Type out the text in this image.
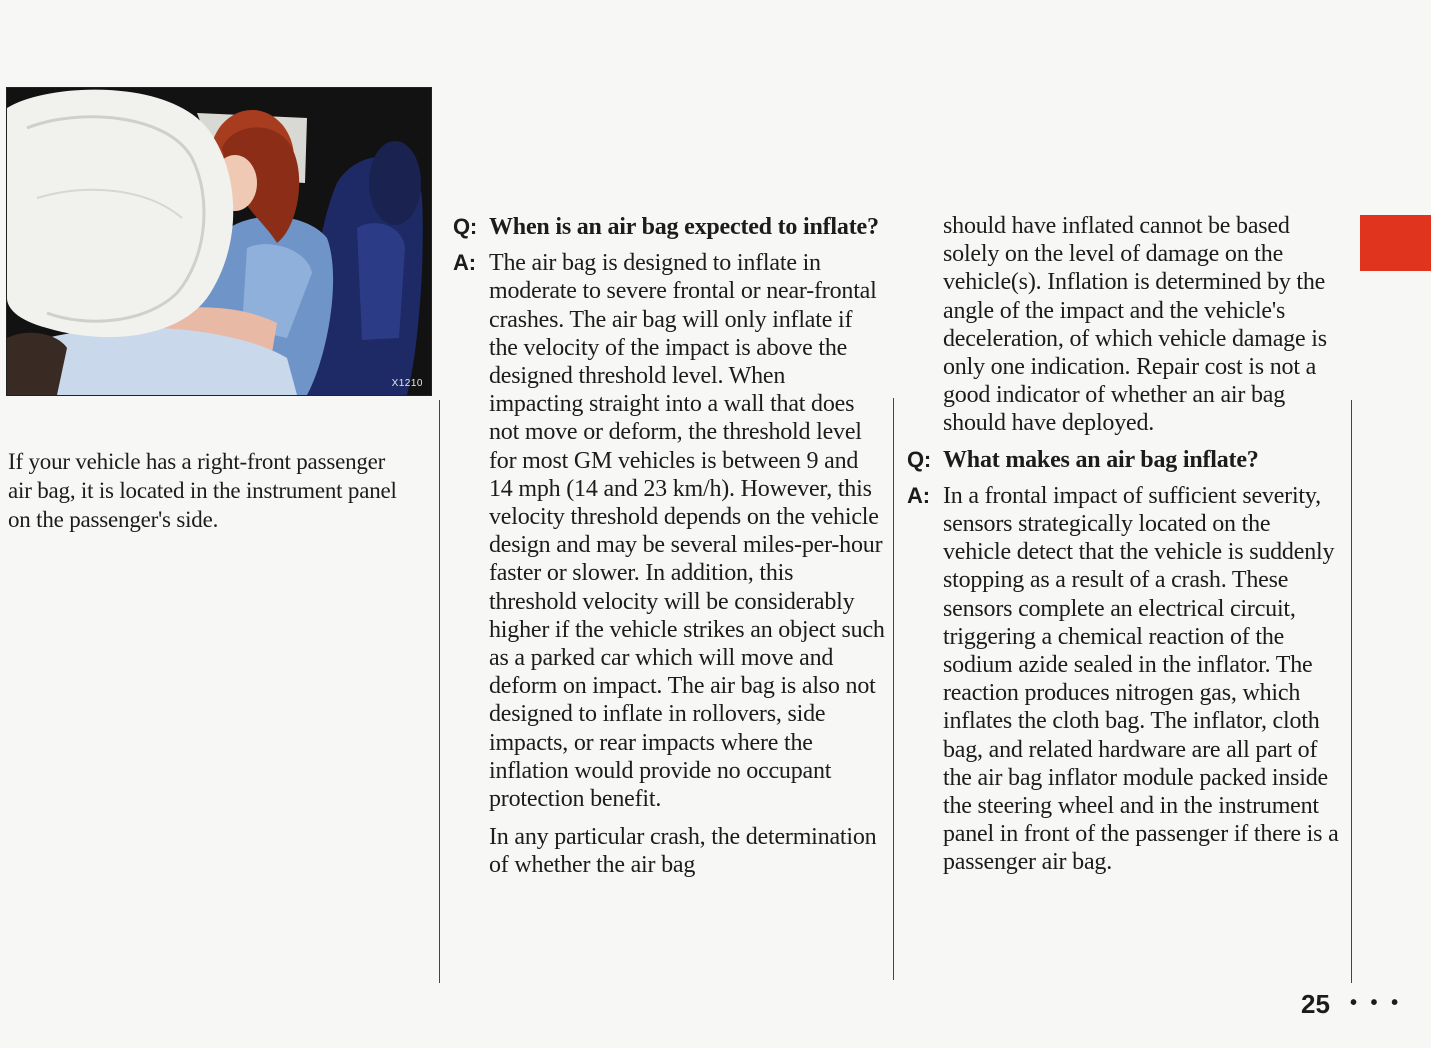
X1210
If your vehicle has a right-front passenger air bag, it is located in the instrument panel on the passenger's side.
Q: When is an air bag expected to inflate?
A: The air bag is designed to inflate in moderate to severe frontal or near-frontal crashes. The air bag will only inflate if the velocity of the impact is above the designed threshold level. When impacting straight into a wall that does not move or deform, the threshold level for most GM vehicles is between 9 and 14 mph (14 and 23 km/h). However, this velocity threshold depends on the vehicle design and may be several miles-per-hour faster or slower. In addition, this threshold velocity will be considerably higher if the vehicle strikes an object such as a parked car which will move and deform on impact. The air bag is also not designed to inflate in rollovers, side impacts, or rear impacts where the inflation would provide no occupant protection benefit.
In any particular crash, the determination of whether the air bag
should have inflated cannot be based solely on the level of damage on the vehicle(s). Inflation is determined by the angle of the impact and the vehicle's deceleration, of which vehicle damage is only one indication. Repair cost is not a good indicator of whether an air bag should have deployed.
Q: What makes an air bag inflate?
A: In a frontal impact of sufficient severity, sensors strategically located on the vehicle detect that the vehicle is suddenly stopping as a result of a crash. These sensors complete an electrical circuit, triggering a chemical reaction of the sodium azide sealed in the inflator. The reaction produces nitrogen gas, which inflates the cloth bag. The inflator, cloth bag, and related hardware are all part of the air bag inflator module packed inside the steering wheel and in the instrument panel in front of the passenger if there is a passenger air bag.
25 • • •
